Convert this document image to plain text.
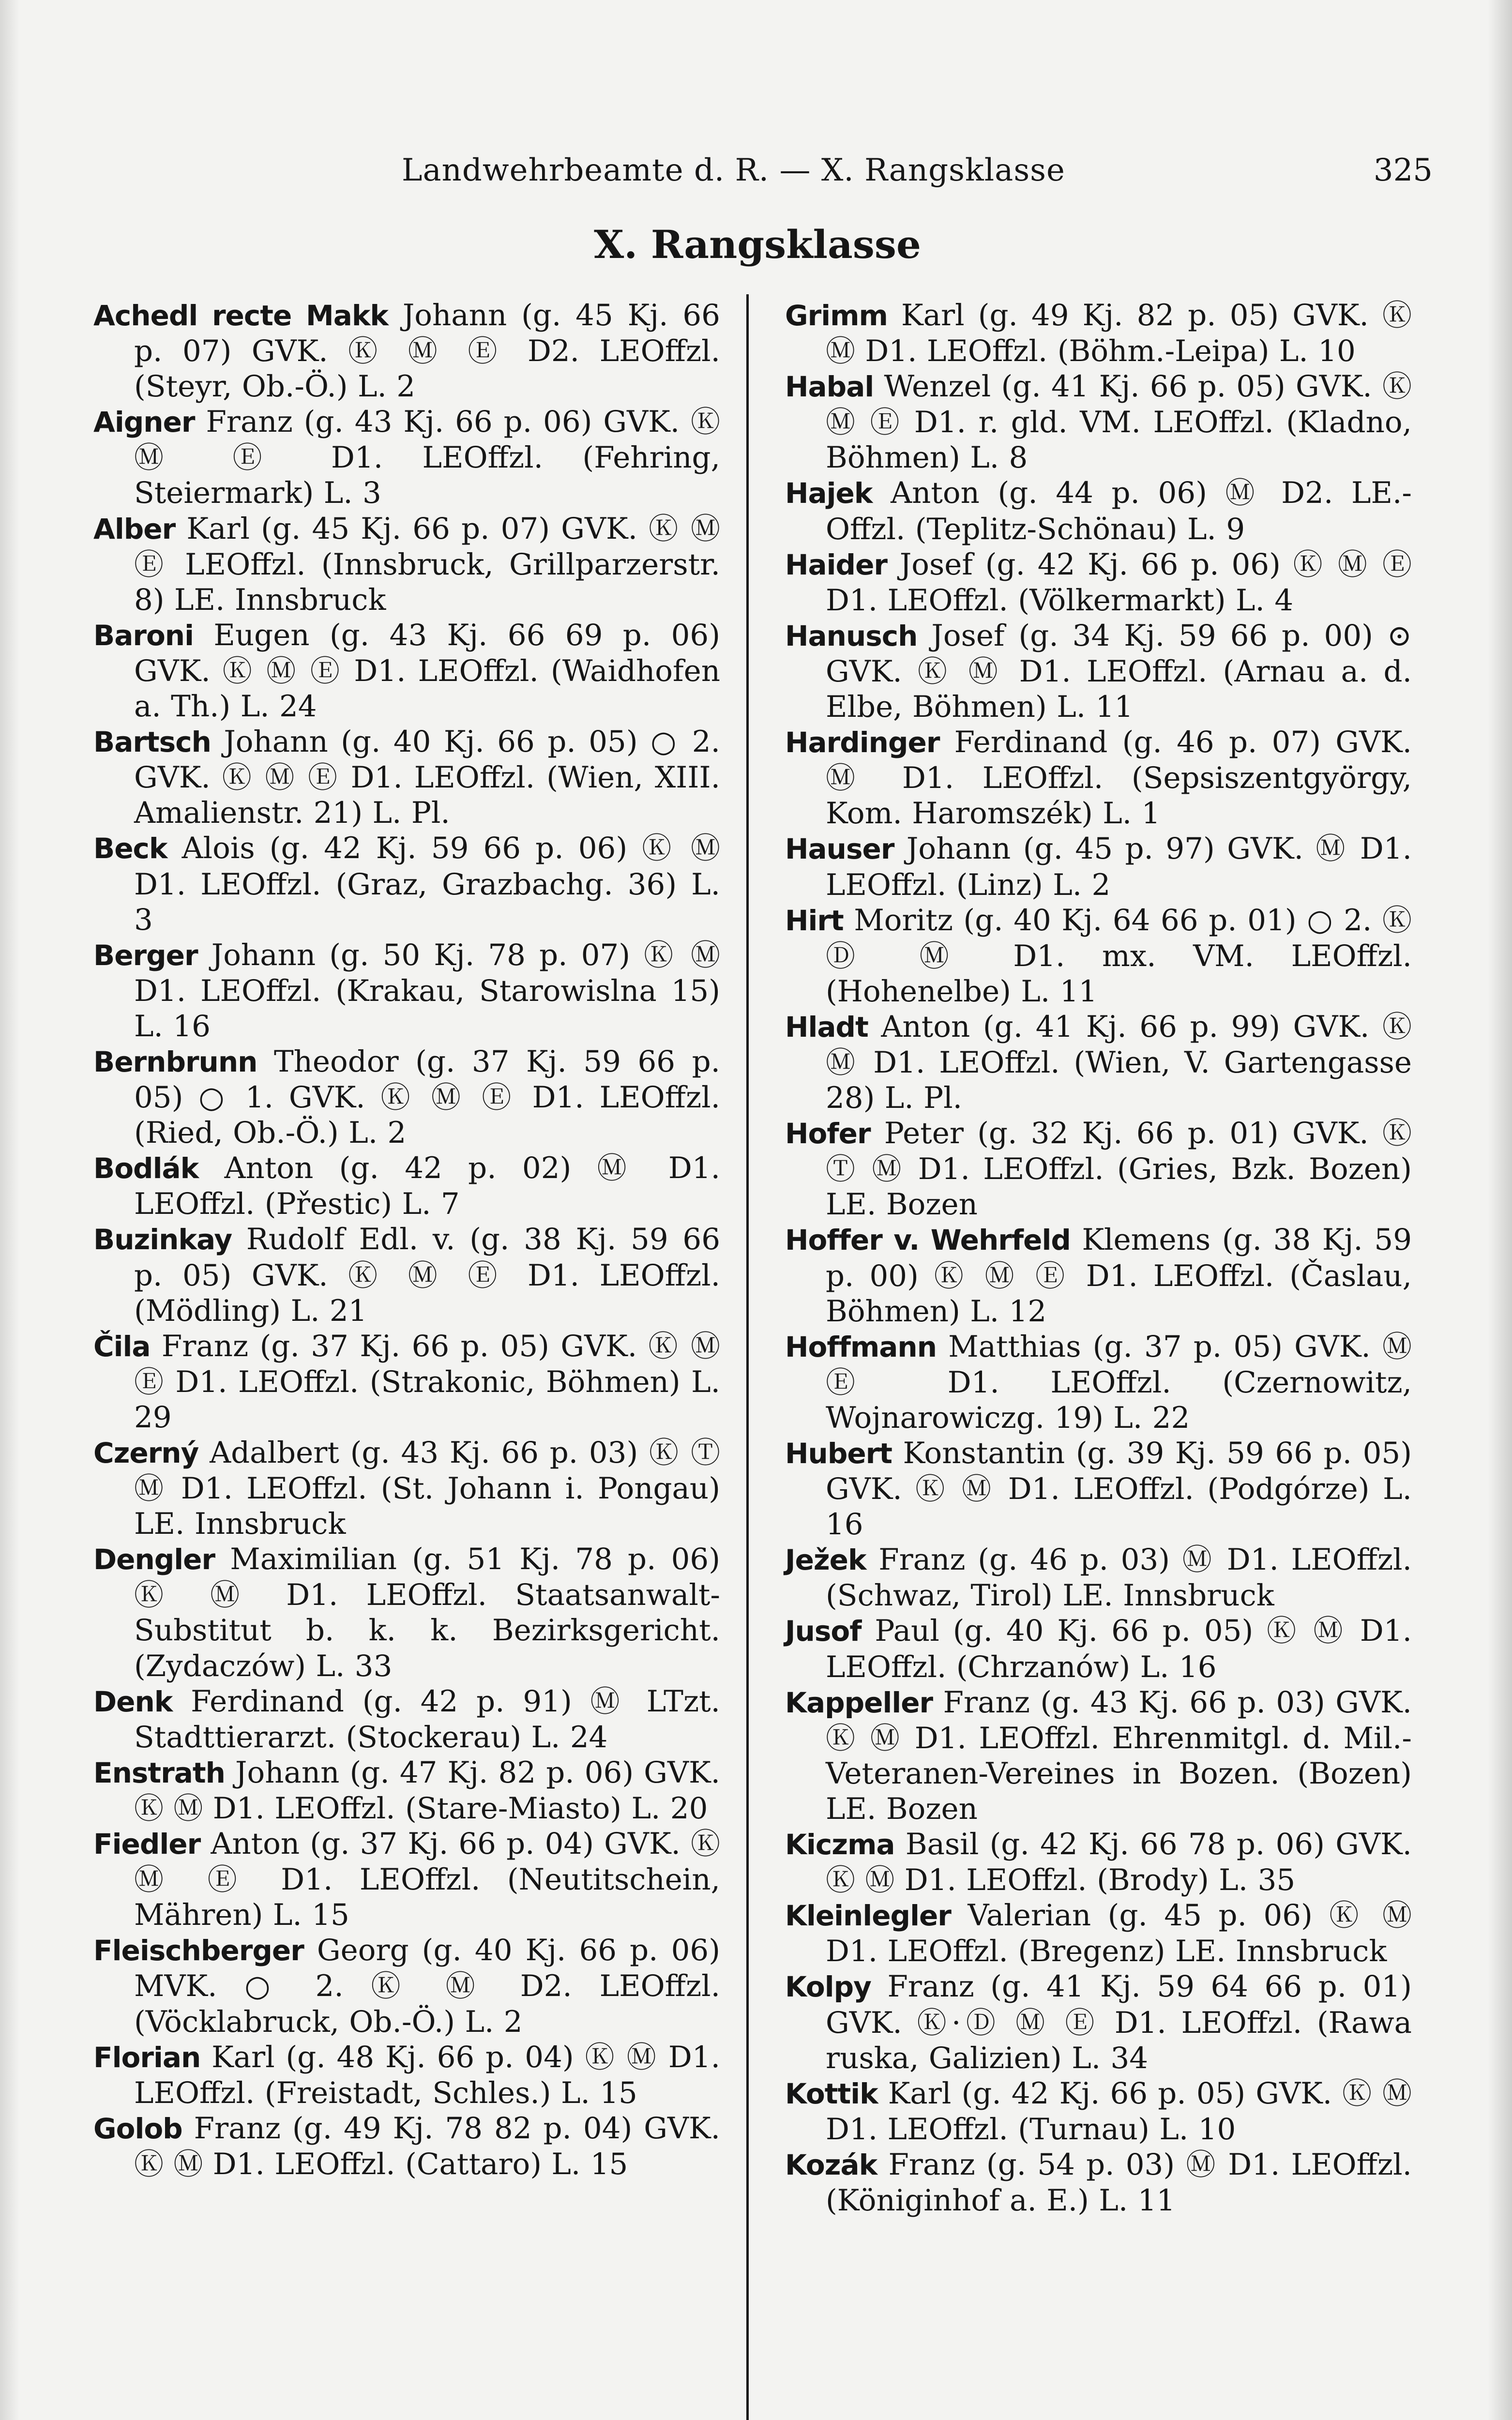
Landwehrbeamte d. R. — X. Rangsklasse	325
X. Rangsklasse

Achedl recte Makk Johann (g. 45 Kj. 66 p. 07) GVK. Ⓚ Ⓜ Ⓔ D2. LEOffzl. (Steyr, Ob.-Ö.) L. 2

Aigner Franz (g. 43 Kj. 66 p. 06) GVK. Ⓚ Ⓜ Ⓔ D1. LEOffzl. (Fehring, Steiermark) L. 3

Alber Karl (g. 45 Kj. 66 p. 07) GVK. Ⓚ Ⓜ Ⓔ LEOffzl. (Innsbruck, Grillparzerstr. 8) LE. Innsbruck

Baroni Eugen (g. 43 Kj. 66 69 p. 06) GVK. Ⓚ Ⓜ Ⓔ D1. LEOffzl. (Waidhofen a. Th.) L. 24

Bartsch Johann (g. 40 Kj. 66 p. 05) ○ 2. GVK. Ⓚ Ⓜ Ⓔ D1. LEOffzl. (Wien, XIII. Amalienstr. 21) L. Pl.

Beck Alois (g. 42 Kj. 59 66 p. 06) Ⓚ Ⓜ D1. LEOffzl. (Graz, Grazbachg. 36) L. 3

Berger Johann (g. 50 Kj. 78 p. 07) Ⓚ Ⓜ D1. LEOffzl. (Krakau, Starowislna 15) L. 16

Bernbrunn Theodor (g. 37 Kj. 59 66 p. 05) ○ 1. GVK. Ⓚ Ⓜ Ⓔ D1. LEOffzl. (Ried, Ob.-Ö.) L. 2

Bodlák Anton (g. 42 p. 02) Ⓜ D1. LEOffzl. (Přestic) L. 7

Buzinkay Rudolf Edl. v. (g. 38 Kj. 59 66 p. 05) GVK. Ⓚ Ⓜ Ⓔ D1. LEOffzl. (Mödling) L. 21

Čila Franz (g. 37 Kj. 66 p. 05) GVK. Ⓚ Ⓜ Ⓔ D1. LEOffzl. (Strakonic, Böhmen) L. 29

Czerný Adalbert (g. 43 Kj. 66 p. 03) Ⓚ Ⓣ Ⓜ D1. LEOffzl. (St. Johann i. Pongau) LE. Innsbruck

Dengler Maximilian (g. 51 Kj. 78 p. 06) Ⓚ Ⓜ D1. LEOffzl. Staatsanwalt-Substitut b. k. k. Bezirksgericht. (Zydaczów) L. 33

Denk Ferdinand (g. 42 p. 91) Ⓜ LTzt. Stadttierarzt. (Stockerau) L. 24

Enstrath Johann (g. 47 Kj. 82 p. 06) GVK. Ⓚ Ⓜ D1. LEOffzl. (Stare-Miasto) L. 20

Fiedler Anton (g. 37 Kj. 66 p. 04) GVK. Ⓚ Ⓜ Ⓔ D1. LEOffzl. (Neutitschein, Mähren) L. 15

Fleischberger Georg (g. 40 Kj. 66 p. 06) MVK. ○ 2. Ⓚ Ⓜ D2. LEOffzl. (Vöcklabruck, Ob.-Ö.) L. 2

Florian Karl (g. 48 Kj. 66 p. 04) Ⓚ Ⓜ D1. LEOffzl. (Freistadt, Schles.) L. 15

Golob Franz (g. 49 Kj. 78 82 p. 04) GVK. Ⓚ Ⓜ D1. LEOffzl. (Cattaro) L. 15

Grimm Karl (g. 49 Kj. 82 p. 05) GVK. Ⓚ Ⓜ D1. LEOffzl. (Böhm.-Leipa) L. 10

Habal Wenzel (g. 41 Kj. 66 p. 05) GVK. Ⓚ Ⓜ Ⓔ D1. r. gld. VM. LEOffzl. (Kladno, Böhmen) L. 8

Hajek Anton (g. 44 p. 06) Ⓜ D2. LE.-Offzl. (Teplitz-Schönau) L. 9

Haider Josef (g. 42 Kj. 66 p. 06) Ⓚ Ⓜ Ⓔ D1. LEOffzl. (Völkermarkt) L. 4

Hanusch Josef (g. 34 Kj. 59 66 p. 00) ⊙ GVK. Ⓚ Ⓜ D1. LEOffzl. (Arnau a. d. Elbe, Böhmen) L. 11

Hardinger Ferdinand (g. 46 p. 07) GVK. Ⓜ D1. LEOffzl. (Sepsiszentgyörgy, Kom. Haromszék) L. 1

Hauser Johann (g. 45 p. 97) GVK. Ⓜ D1. LEOffzl. (Linz) L. 2

Hirt Moritz (g. 40 Kj. 64 66 p. 01) ○ 2. Ⓚ Ⓓ Ⓜ D1. mx. VM. LEOffzl. (Hohenelbe) L. 11

Hladt Anton (g. 41 Kj. 66 p. 99) GVK. Ⓚ Ⓜ D1. LEOffzl. (Wien, V. Gartengasse 28) L. Pl.

Hofer Peter (g. 32 Kj. 66 p. 01) GVK. Ⓚ Ⓣ Ⓜ D1. LEOffzl. (Gries, Bzk. Bozen) LE. Bozen

Hoffer v. Wehrfeld Klemens (g. 38 Kj. 59 p. 00) Ⓚ Ⓜ Ⓔ D1. LEOffzl. (Časlau, Böhmen) L. 12

Hoffmann Matthias (g. 37 p. 05) GVK. Ⓜ Ⓔ D1. LEOffzl. (Czernowitz, Wojnarowiczg. 19) L. 22

Hubert Konstantin (g. 39 Kj. 59 66 p. 05) GVK. Ⓚ Ⓜ D1. LEOffzl. (Podgórze) L. 16

Ježek Franz (g. 46 p. 03) Ⓜ D1. LEOffzl. (Schwaz, Tirol) LE. Innsbruck

Jusof Paul (g. 40 Kj. 66 p. 05) Ⓚ Ⓜ D1. LEOffzl. (Chrzanów) L. 16

Kappeller Franz (g. 43 Kj. 66 p. 03) GVK. Ⓚ Ⓜ D1. LEOffzl. Ehrenmitgl. d. Mil.-Veteranen-Vereines in Bozen. (Bozen) LE. Bozen

Kiczma Basil (g. 42 Kj. 66 78 p. 06) GVK. Ⓚ Ⓜ D1. LEOffzl. (Brody) L. 35

Kleinlegler Valerian (g. 45 p. 06) Ⓚ Ⓜ D1. LEOffzl. (Bregenz) LE. Innsbruck

Kolpy Franz (g. 41 Kj. 59 64 66 p. 01) GVK. Ⓚ·Ⓓ Ⓜ Ⓔ D1. LEOffzl. (Rawa ruska, Galizien) L. 34

Kottik Karl (g. 42 Kj. 66 p. 05) GVK. Ⓚ Ⓜ D1. LEOffzl. (Turnau) L. 10

Kozák Franz (g. 54 p. 03) Ⓜ D1. LEOffzl. (Königinhof a. E.) L. 11
